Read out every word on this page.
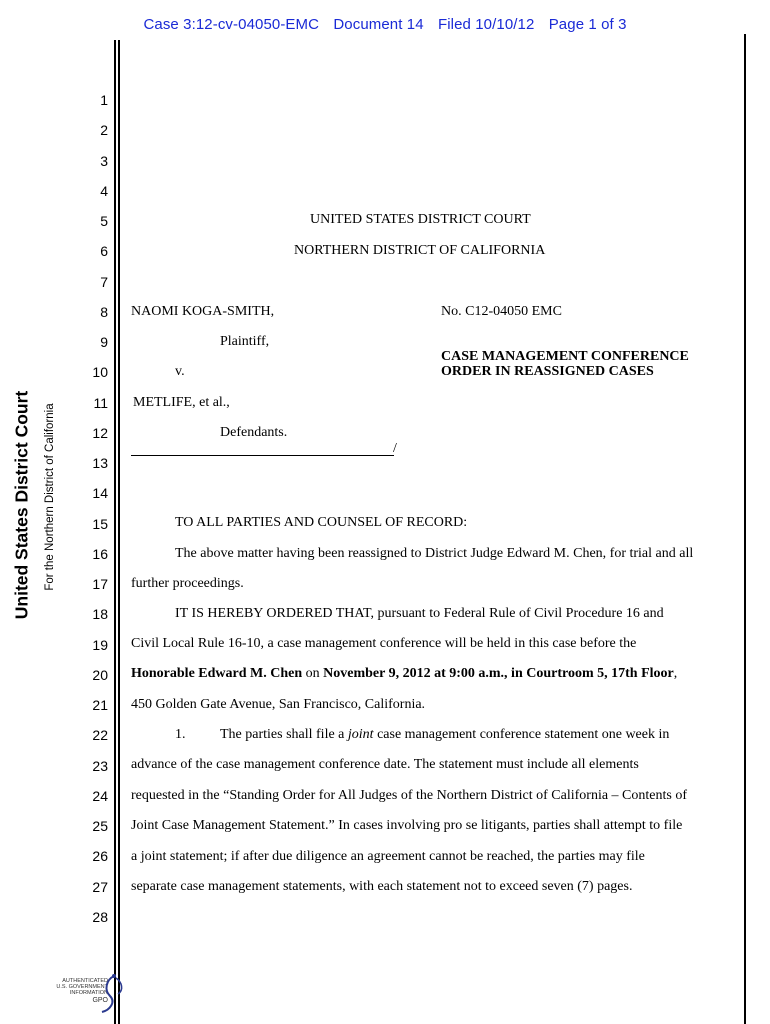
Case 3:12-cv-04050-EMC Document 14 Filed 10/10/12 Page 1 of 3
United States District Court For the Northern District of California
1
2
3
4
5
6
7
8
9
10
11
12
13
14
15
16
17
18
19
20
21
22
23
24
25
26
27
28
UNITED STATES DISTRICT COURT
NORTHERN DISTRICT OF CALIFORNIA
NAOMI KOGA-SMITH,
Plaintiff,
v.
METLIFE, et al.,
Defendants.
/
No. C12-04050 EMC
CASE MANAGEMENT CONFERENCE
ORDER IN REASSIGNED CASES
TO ALL PARTIES AND COUNSEL OF RECORD:
The above matter having been reassigned to District Judge Edward M. Chen, for trial and all
further proceedings.
IT IS HEREBY ORDERED THAT, pursuant to Federal Rule of Civil Procedure 16 and
Civil Local Rule 16-10, a case management conference will be held in this case before the
Honorable Edward M. Chen on November 9, 2012 at 9:00 a.m., in Courtroom 5, 17th Floor,
450 Golden Gate Avenue, San Francisco, California.
1. The parties shall file a joint case management conference statement one week in
advance of the case management conference date. The statement must include all elements
requested in the “Standing Order for All Judges of the Northern District of California – Contents of
Joint Case Management Statement.” In cases involving pro se litigants, parties shall attempt to file
a joint statement; if after due diligence an agreement cannot be reached, the parties may file
separate case management statements, with each statement not to exceed seven (7) pages.
AUTHENTICATED
U.S. GOVERNMENT
INFORMATION
GPO
